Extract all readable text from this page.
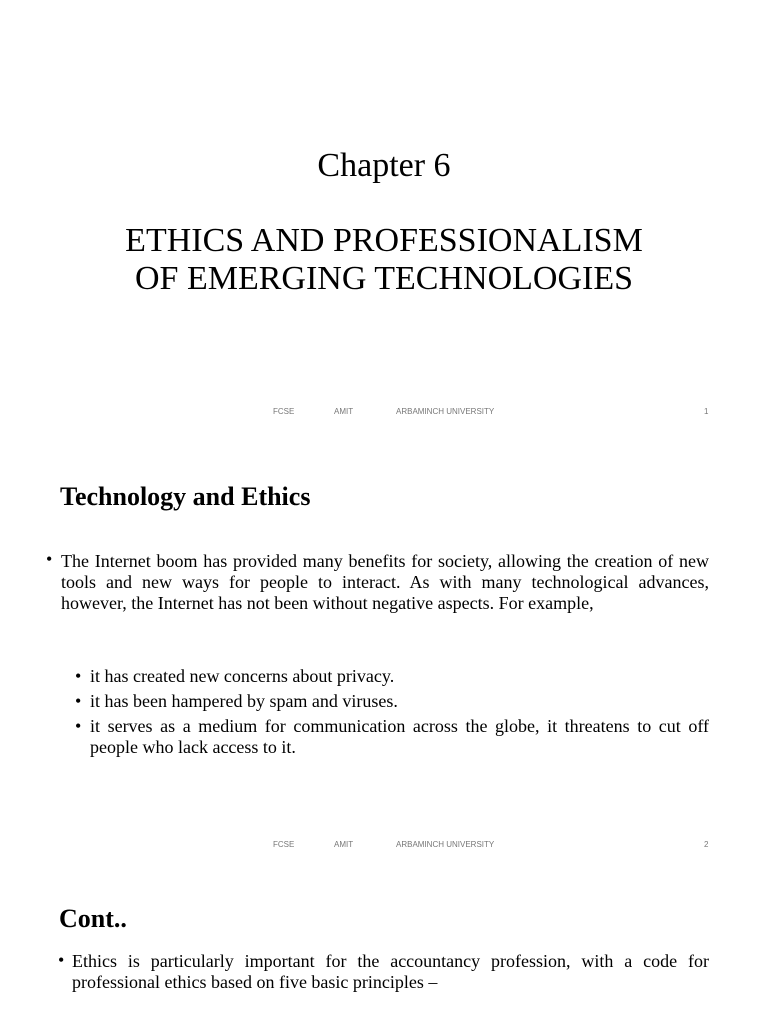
Chapter 6
ETHICS AND PROFESSIONALISM
OF EMERGING TECHNOLOGIES
FCSE	AMIT	ARBAMINCH UNIVERSITY	1
Technology and Ethics
• The Internet boom has provided many benefits for society, allowing the creation of new tools and new ways for people to interact. As with many technological advances, however, the Internet has not been without negative aspects. For example,
• it has created new concerns about privacy.
• it has been hampered by spam and viruses.
• it serves as a medium for communication across the globe, it threatens to cut off people who lack access to it.
FCSE	AMIT	ARBAMINCH UNIVERSITY	2
Cont..
• Ethics is particularly important for the accountancy profession, with a code for professional ethics based on five basic principles –
